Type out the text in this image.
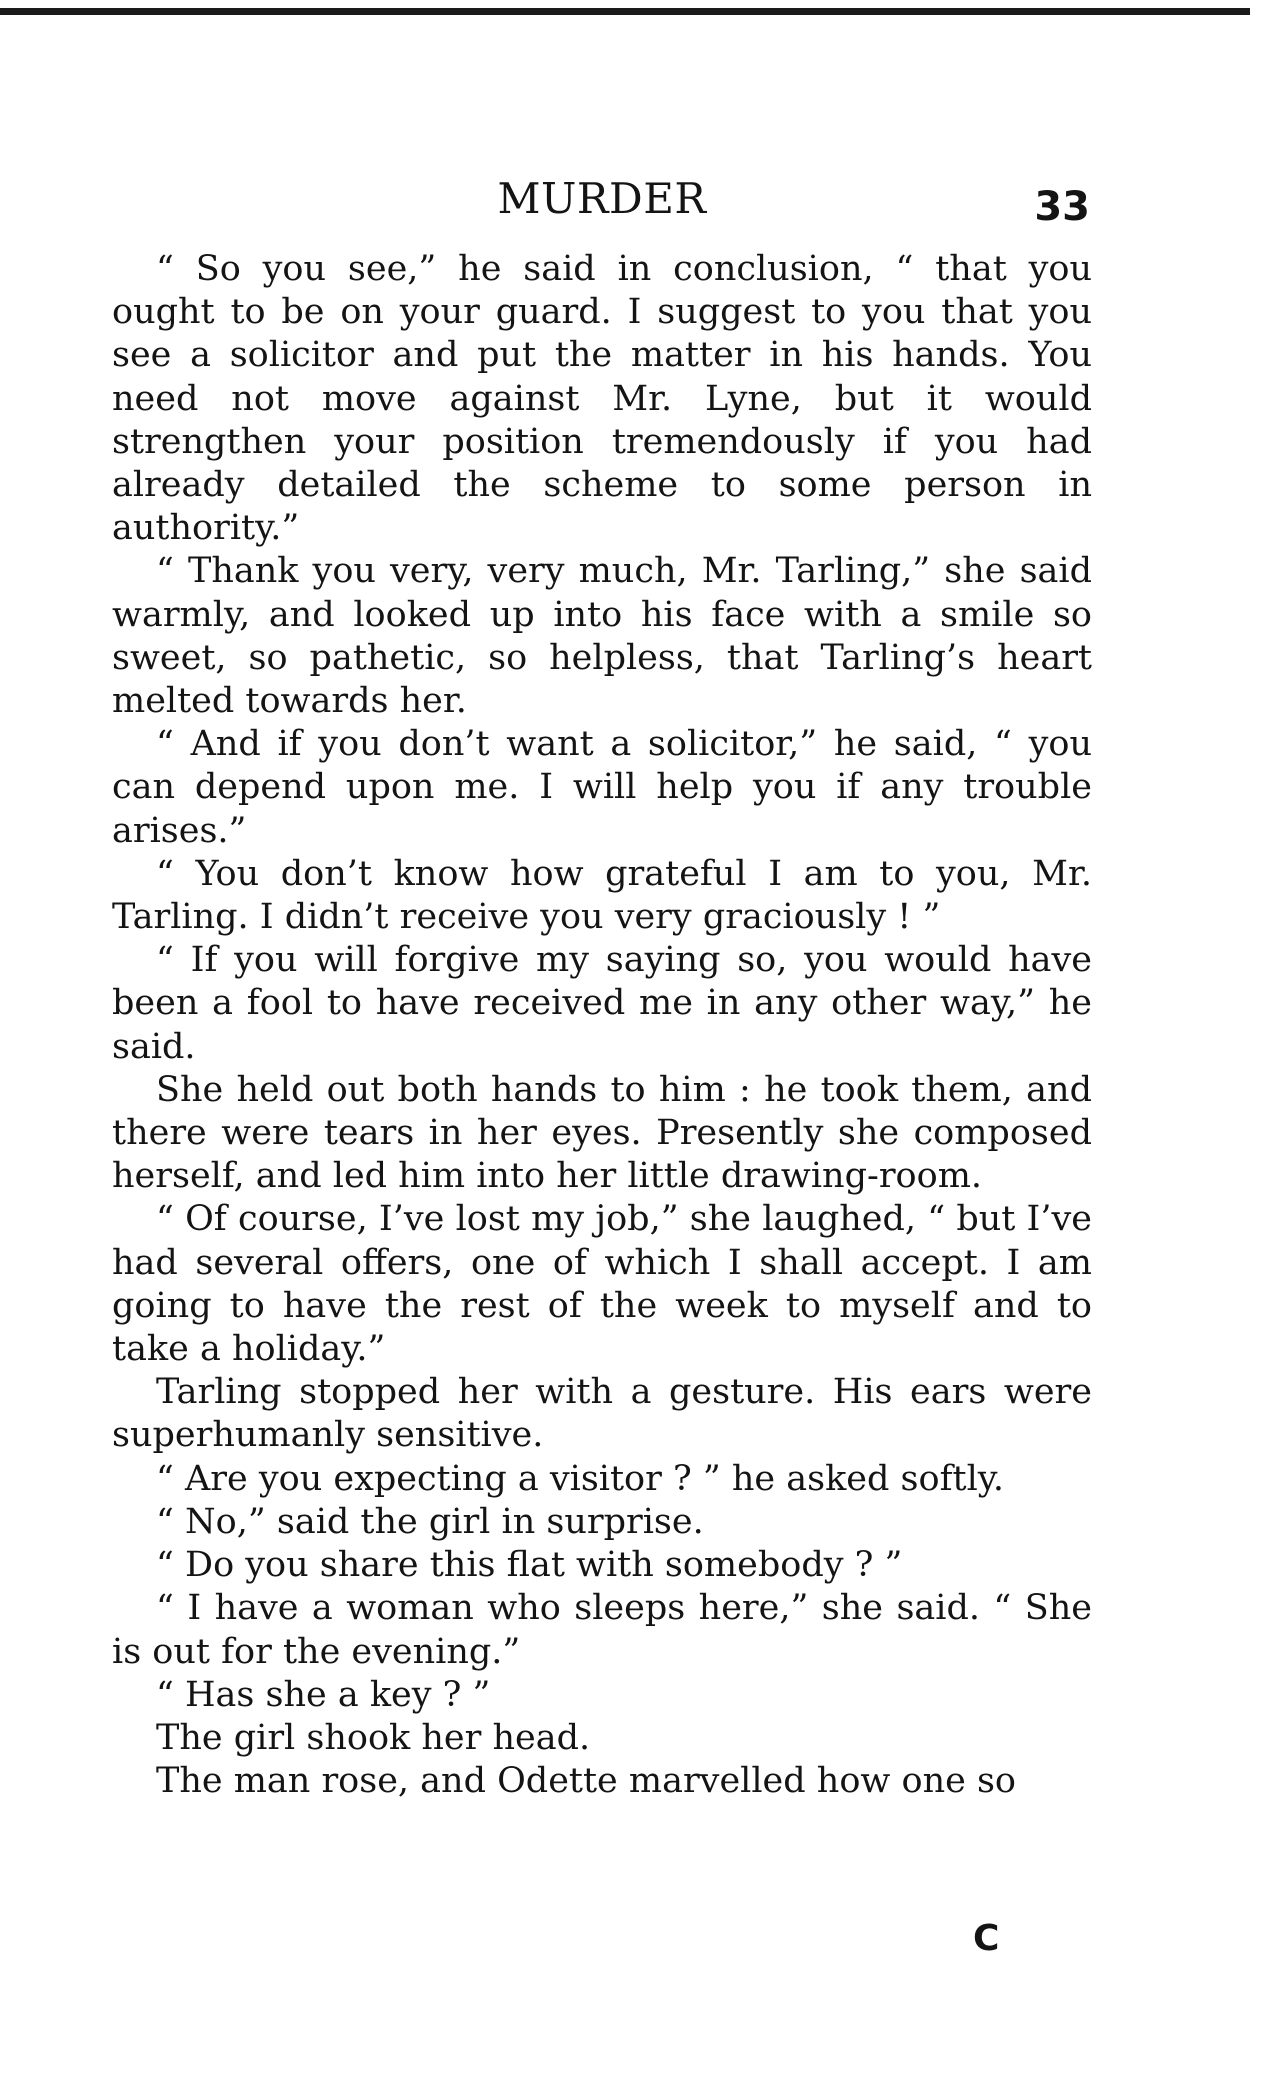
MURDER	33

“ So you see,” he said in conclusion, “ that you ought to be on your guard. I suggest to you that you see a solicitor and put the matter in his hands. You need not move against Mr. Lyne, but it would strengthen your position tremendously if you had already detailed the scheme to some person in authority.”

“ Thank you very, very much, Mr. Tarling,” she said warmly, and looked up into his face with a smile so sweet, so pathetic, so helpless, that Tarling’s heart melted towards her.

“ And if you don’t want a solicitor,” he said, “ you can depend upon me. I will help you if any trouble arises.”

“ You don’t know how grateful I am to you, Mr. Tarling. I didn’t receive you very graciously ! ”

“ If you will forgive my saying so, you would have been a fool to have received me in any other way,” he said.

She held out both hands to him : he took them, and there were tears in her eyes. Presently she composed herself, and led him into her little drawing-room.

“ Of course, I’ve lost my job,” she laughed, “ but I’ve had several offers, one of which I shall accept. I am going to have the rest of the week to myself and to take a holiday.”

Tarling stopped her with a gesture. His ears were superhumanly sensitive.

“ Are you expecting a visitor ? ” he asked softly.

“ No,” said the girl in surprise.

“ Do you share this flat with somebody ? ”

“ I have a woman who sleeps here,” she said. “ She is out for the evening.”

“ Has she a key ? ”

The girl shook her head.

The man rose, and Odette marvelled how one so

C
